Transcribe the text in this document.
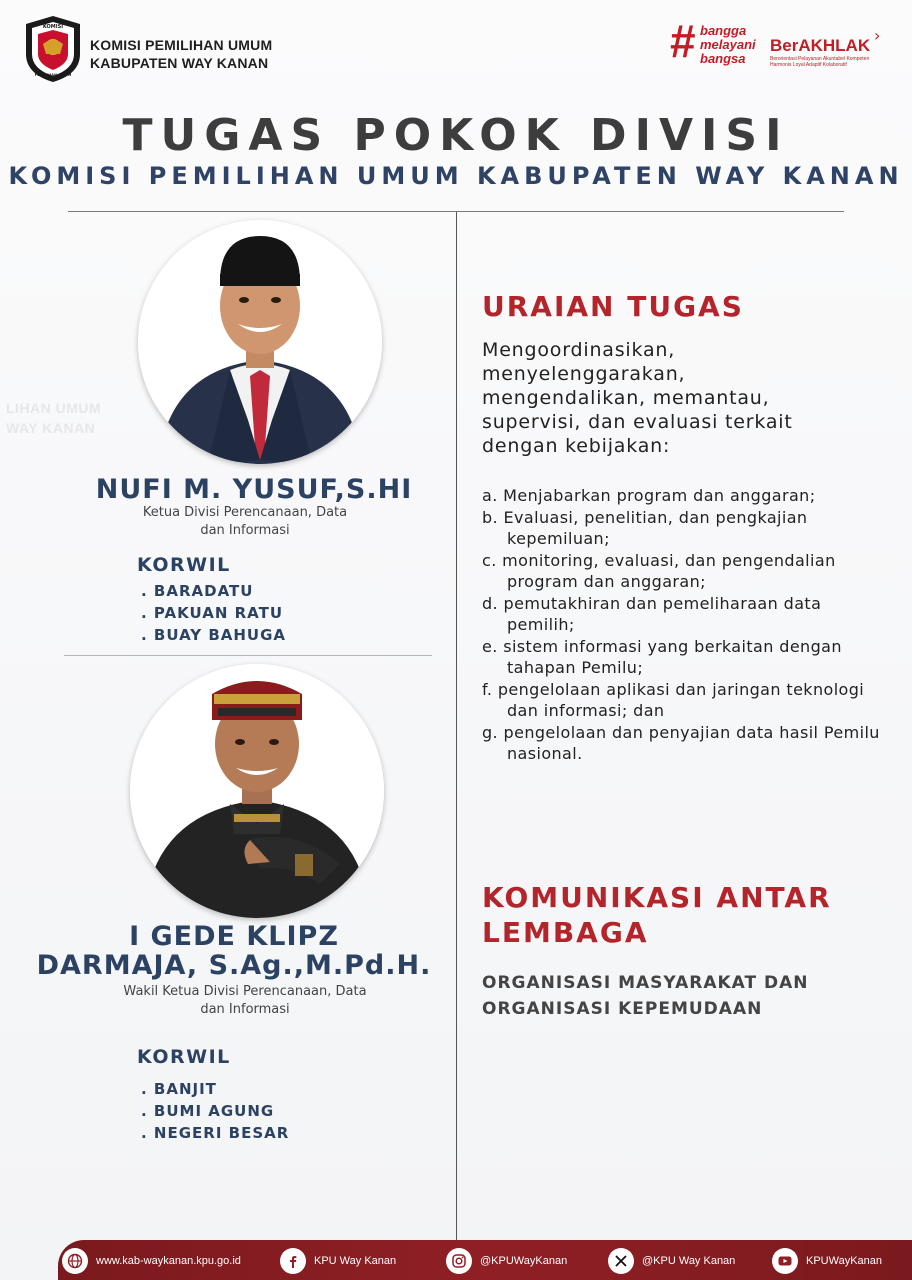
KOMISI
PEMILIHAN UMUM
KOMISI PEMILIHAN UMUM
KABUPATEN WAY KANAN	# bangga
melayani
bangsa
BerAKHLAK
Berorientasi Pelayanan Akuntabel Kompeten Harmonis Loyal Adaptif Kolaboratif
›
TUGAS POKOK DIVISI
KOMISI PEMILIHAN UMUM KABUPATEN WAY KANAN
LIHAN UMUM
WAY KANAN
NUFI M. YUSUF,S.HI
Ketua Divisi Perencanaan, Data
dan Informasi
KORWIL
. BARADATU
. PAKUAN RATU
. BUAY BAHUGA
I GEDE KLIPZ
DARMAJA, S.Ag.,M.Pd.H.
Wakil Ketua Divisi Perencanaan, Data
dan Informasi
KORWIL
. BANJIT
. BUMI AGUNG
. NEGERI BESAR
URAIAN TUGAS
Mengoordinasikan,
menyelenggarakan,
mengendalikan, memantau,
supervisi, dan evaluasi terkait
dengan kebijakan:
a. Menjabarkan program dan anggaran;
b. Evaluasi, penelitian, dan pengkajian kepemiluan;
c. monitoring, evaluasi, dan pengendalian program dan anggaran;
d. pemutakhiran dan pemeliharaan data pemilih;
e. sistem informasi yang berkaitan dengan tahapan Pemilu;
f. pengelolaan aplikasi dan jaringan teknologi dan informasi; dan
g. pengelolaan dan penyajian data hasil Pemilu nasional.
KOMUNIKASI ANTAR
LEMBAGA
ORGANISASI MASYARAKAT DAN
ORGANISASI KEPEMUDAAN
www.kab-waykanan.kpu.go.id	KPU Way Kanan	@KPUWayKanan	@KPU Way Kanan	KPUWayKanan
